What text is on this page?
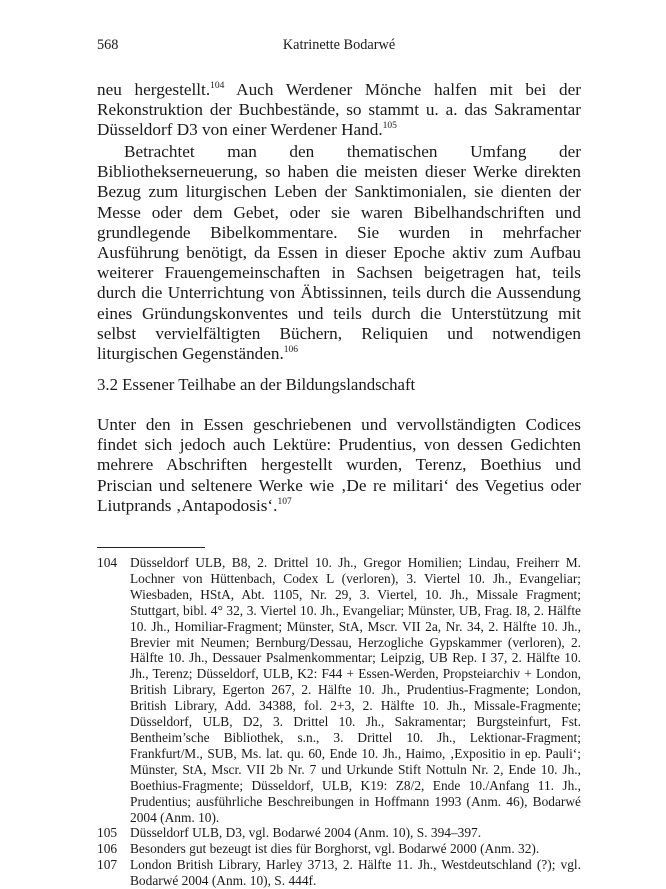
568	Katrinette Bodarwé

neu hergestellt.$^{104}$ Auch Werdener Mönche halfen mit bei der Rekonstruktion der Buchbestände, so stammt u. a. das Sakramentar Düsseldorf D3 von einer Werdener Hand.$^{105}$

Betrachtet man den thematischen Umfang der Bibliothekserneuerung, so haben die meisten dieser Werke direkten Bezug zum liturgischen Leben der Sanktimonialen, sie dienten der Messe oder dem Gebet, oder sie waren Bibelhandschriften und grundlegende Bibelkommentare. Sie wurden in mehrfacher Ausführung benötigt, da Essen in dieser Epoche aktiv zum Aufbau weiterer Frauengemeinschaften in Sachsen beigetragen hat, teils durch die Unterrichtung von Äbtissinnen, teils durch die Aussendung eines Gründungskonventes und teils durch die Unterstützung mit selbst vervielfältigten Büchern, Reliquien und notwendigen liturgischen Gegenständen.$^{106}$

3.2 Essener Teilhabe an der Bildungslandschaft

Unter den in Essen geschriebenen und vervollständigten Codices findet sich jedoch auch Lektüre: Prudentius, von dessen Gedichten mehrere Abschriften hergestellt wurden, Terenz, Boethius und Priscian und seltenere Werke wie ‚De re militari‘ des Vegetius oder Liutprands ‚Antapodosis‘.$^{107}$

104 Düsseldorf ULB, B8, 2. Drittel 10. Jh., Gregor Homilien; Lindau, Freiherr M. Lochner von Hüttenbach, Codex L (verloren), 3. Viertel 10. Jh., Evangeliar; Wiesbaden, HStA, Abt. 1105, Nr. 29, 3. Viertel, 10. Jh., Missale Fragment; Stuttgart, bibl. 4° 32, 3. Viertel 10. Jh., Evangeliar; Münster, UB, Frag. I8, 2. Hälfte 10. Jh., Homiliar-Fragment; Münster, StA, Mscr. VII 2a, Nr. 34, 2. Hälfte 10. Jh., Brevier mit Neumen; Bernburg/Dessau, Herzogliche Gypskammer (verloren), 2. Hälfte 10. Jh., Dessauer Psalmenkommentar; Leipzig, UB Rep. I 37, 2. Hälfte 10. Jh., Terenz; Düsseldorf, ULB, K2: F44 + Essen-Werden, Propsteiarchiv + London, British Library, Egerton 267, 2. Hälfte 10. Jh., Prudentius-Fragmente; London, British Library, Add. 34388, fol. 2+3, 2. Hälfte 10. Jh., Missale-Fragmente; Düsseldorf, ULB, D2, 3. Drittel 10. Jh., Sakramentar; Burgsteinfurt, Fst. Bentheim’sche Bibliothek, s.n., 3. Drittel 10. Jh., Lektionar-Fragment; Frankfurt/M., SUB, Ms. lat. qu. 60, Ende 10. Jh., Haimo, ‚Expositio in ep. Pauli‘; Münster, StA, Mscr. VII 2b Nr. 7 und Urkunde Stift Nottuln Nr. 2, Ende 10. Jh., Boethius-Fragmente; Düsseldorf, ULB, K19: Z8/2, Ende 10./Anfang 11. Jh., Prudentius; ausführliche Beschreibungen in Hoffmann 1993 (Anm. 46), Bodarwé 2004 (Anm. 10).
105 Düsseldorf ULB, D3, vgl. Bodarwé 2004 (Anm. 10), S. 394–397.
106 Besonders gut bezeugt ist dies für Borghorst, vgl. Bodarwé 2000 (Anm. 32).
107 London British Library, Harley 3713, 2. Hälfte 11. Jh., Westdeutschland (?); vgl. Bodarwé 2004 (Anm. 10), S. 444f.
